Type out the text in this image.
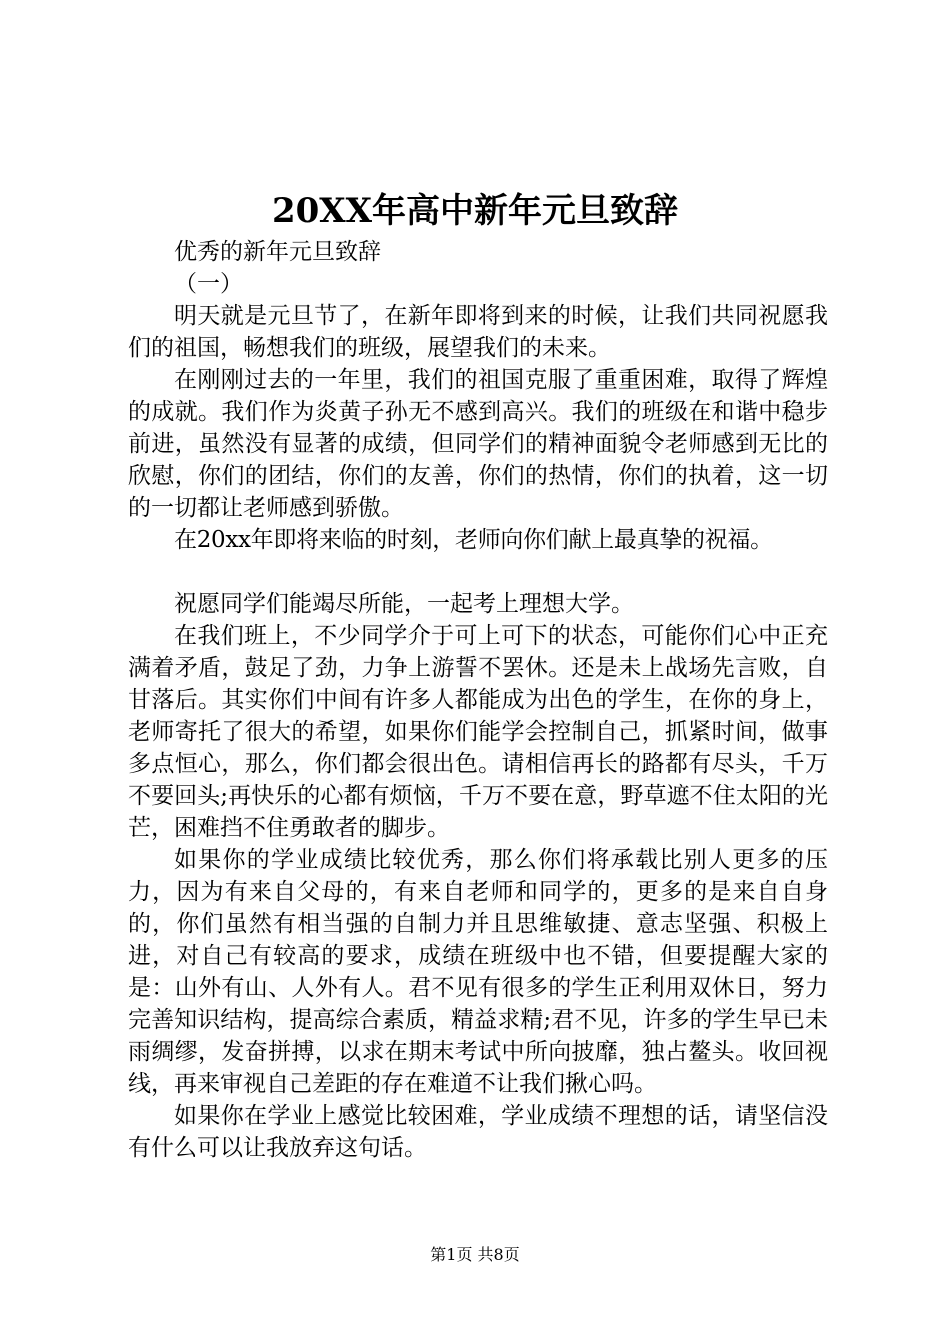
20XX年高中新年元旦致辞

优秀的新年元旦致辞

（一）

明天就是元旦节了，在新年即将到来的时候，让我们共同祝愿我们的祖国，畅想我们的班级，展望我们的未来。

在刚刚过去的一年里，我们的祖国克服了重重困难，取得了辉煌的成就。我们作为炎黄子孙无不感到高兴。我们的班级在和谐中稳步前进，虽然没有显著的成绩，但同学们的精神面貌令老师感到无比的欣慰，你们的团结，你们的友善，你们的热情，你们的执着，这一切的一切都让老师感到骄傲。

在20xx年即将来临的时刻，老师向你们献上最真挚的祝福。

祝愿同学们能竭尽所能，一起考上理想大学。

在我们班上，不少同学介于可上可下的状态，可能你们心中正充满着矛盾，鼓足了劲，力争上游誓不罢休。还是未上战场先言败，自甘落后。其实你们中间有许多人都能成为出色的学生，在你的身上，老师寄托了很大的希望，如果你们能学会控制自己，抓紧时间，做事多点恒心，那么，你们都会很出色。请相信再长的路都有尽头，千万不要回头;再快乐的心都有烦恼，千万不要在意，野草遮不住太阳的光芒，困难挡不住勇敢者的脚步。

如果你的学业成绩比较优秀，那么你们将承载比别人更多的压力，因为有来自父母的，有来自老师和同学的，更多的是来自自身的，你们虽然有相当强的自制力并且思维敏捷、意志坚强、积极上进，对自己有较高的要求，成绩在班级中也不错，但要提醒大家的是：山外有山、人外有人。君不见有很多的学生正利用双休日，努力完善知识结构，提高综合素质，精益求精;君不见，许多的学生早已未雨绸缪，发奋拼搏，以求在期末考试中所向披靡，独占鳌头。收回视线，再来审视自己差距的存在难道不让我们揪心吗。

如果你在学业上感觉比较困难，学业成绩不理想的话，请坚信没有什么可以让我放弃这句话。

第1页 共8页
